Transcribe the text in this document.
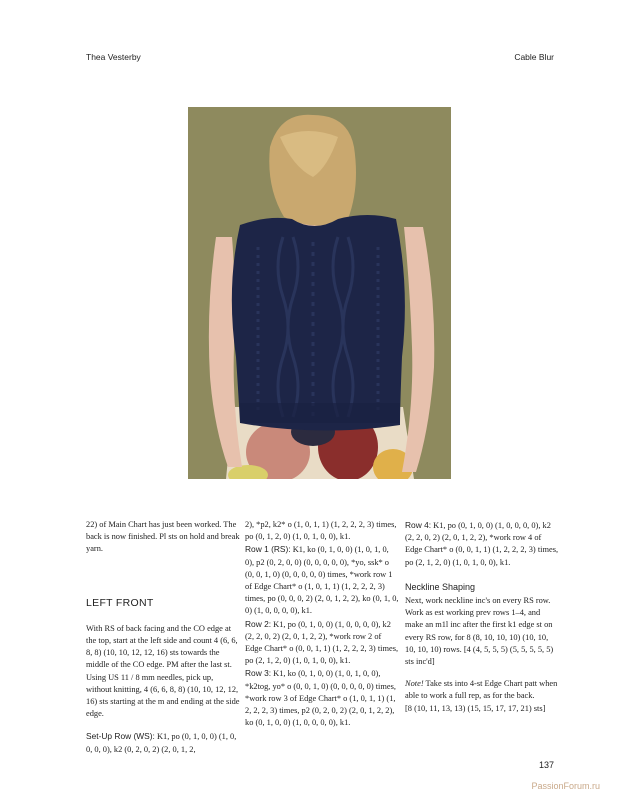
Thea Vesterby	Cable Blur

22) of Main Chart has just been worked. The back is now finished. Pl sts on hold and break yarn.

LEFT FRONT

With RS of back facing and the CO edge at the top, start at the left side and count 4 (6, 6, 8, 8) (10, 10, 12, 12, 16) sts towards the middle of the CO edge. PM after the last st. Using US 11 / 8 mm needles, pick up, without knitting, 4 (6, 6, 8, 8) (10, 10, 12, 12, 16) sts starting at the m and ending at the side edge.

Set-Up Row (WS): K1, po (0, 1, 0, 0) (1, 0, 0, 0, 0), k2 (0, 2, 0, 2) (2, 0, 1, 2,

2), *p2, k2* o (1, 0, 1, 1) (1, 2, 2, 2, 3) times, po (0, 1, 2, 0) (1, 0, 1, 0, 0), k1.

Row 1 (RS): K1, ko (0, 1, 0, 0) (1, 0, 1, 0, 0), p2 (0, 2, 0, 0) (0, 0, 0, 0, 0), *yo, ssk* o (0, 0, 1, 0) (0, 0, 0, 0, 0) times, *work row 1 of Edge Chart* o (1, 0, 1, 1) (1, 2, 2, 2, 3) times, po (0, 0, 0, 2) (2, 0, 1, 2, 2), ko (0, 1, 0, 0) (1, 0, 0, 0, 0), k1.

Row 2: K1, po (0, 1, 0, 0) (1, 0, 0, 0, 0), k2 (2, 2, 0, 2) (2, 0, 1, 2, 2), *work row 2 of Edge Chart* o (0, 0, 1, 1) (1, 2, 2, 2, 3) times, po (2, 1, 2, 0) (1, 0, 1, 0, 0), k1.

Row 3: K1, ko (0, 1, 0, 0) (1, 0, 1, 0, 0), *k2tog, yo* o (0, 0, 1, 0) (0, 0, 0, 0, 0) times, *work row 3 of Edge Chart* o (1, 0, 1, 1) (1, 2, 2, 2, 3) times, p2 (0, 2, 0, 2) (2, 0, 1, 2, 2), ko (0, 1, 0, 0) (1, 0, 0, 0, 0), k1.

Row 4: K1, po (0, 1, 0, 0) (1, 0, 0, 0, 0), k2 (2, 2, 0, 2) (2, 0, 1, 2, 2), *work row 4 of Edge Chart* o (0, 0, 1, 1) (1, 2, 2, 2, 3) times, po (2, 1, 2, 0) (1, 0, 1, 0, 0), k1.

Neckline Shaping

Next, work neckline inc's on every RS row.

Work as est working prev rows 1–4, and make an m1l inc after the first k1 edge st on every RS row, for 8 (8, 10, 10, 10) (10, 10, 10, 10, 10) rows. [4 (4, 5, 5, 5) (5, 5, 5, 5, 5) sts inc'd]

Note! Take sts into 4-st Edge Chart patt when able to work a full rep, as for the back.

[8 (10, 11, 13, 13) (15, 15, 17, 17, 21) sts]

137
PassionForum.ru
